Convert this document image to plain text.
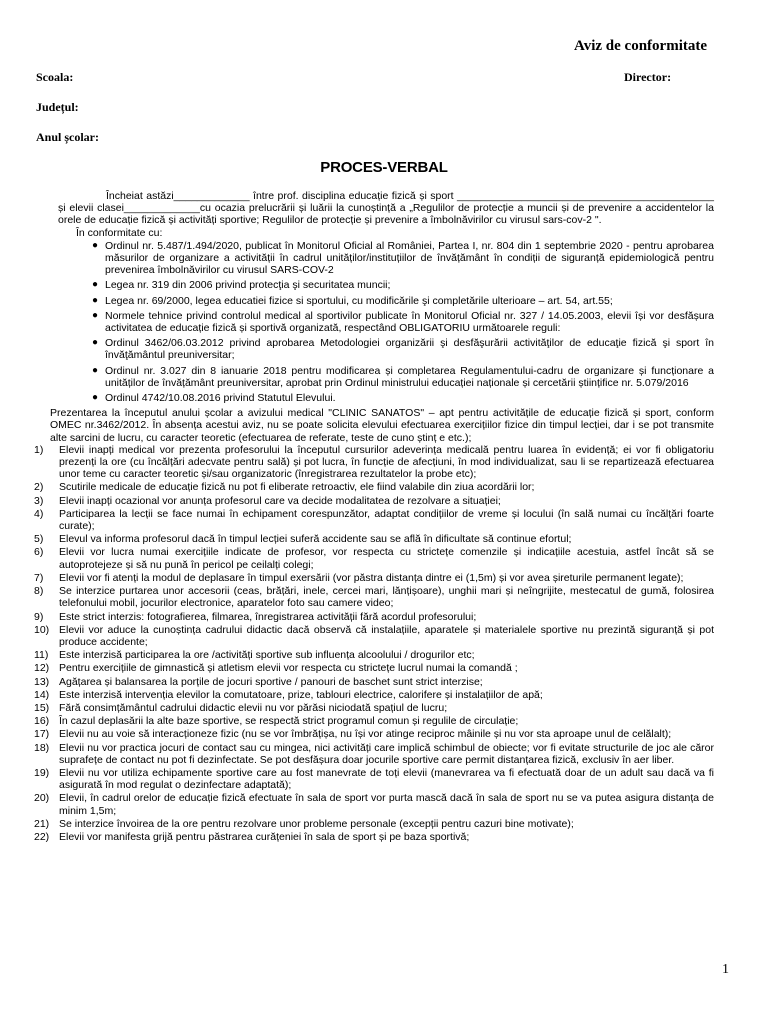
Aviz de conformitate
Scoala:	Director:
Județul:
Anul școlar:
PROCES-VERBAL

Încheiat astăzi_____________ între prof. disciplina educație fizică și sport ____________________________________________ și elevii clasei_____________cu ocazia prelucrării și luării la cunoștință a „Regulilor de protecție a muncii și de prevenire a accidentelor la orele de educație fizică și activități sportive; Regulilor de protecție și prevenire a îmbolnăvirilor cu virusul sars-cov-2 ".

În conformitate cu:

● Ordinul nr. 5.487/1.494/2020, publicat în Monitorul Oficial al României, Partea I, nr. 804 din 1 septembrie 2020 - pentru aprobarea măsurilor de organizare a activității în cadrul unităților/instituțiilor de învățământ în condiții de siguranță epidemiologică pentru prevenirea îmbolnăvirilor cu virusul SARS-COV-2
● Legea nr. 319 din 2006 privind protecţia şi securitatea muncii;
● Legea nr. 69/2000, legea educatiei fizice si sportului, cu modificările şi completările ulterioare – art. 54, art.55;
● Normele tehnice privind controlul medical al sportivilor publicate în Monitorul Oficial nr. 327 / 14.05.2003, elevii își vor desfășura activitatea de educație fizică și sportivă organizată, respectând OBLIGATORIU următoarele reguli:
● Ordinul 3462/06.03.2012 privind aprobarea Metodologiei organizării şi desfăşurării activităţilor de educaţie fizică şi sport în învăţământul preuniversitar;
● Ordinul nr. 3.027 din 8 ianuarie 2018 pentru modificarea și completarea Regulamentului-cadru de organizare și funcționare a unităților de învățământ preuniversitar, aprobat prin Ordinul ministrului educației naționale și cercetării științifice nr. 5.079/2016
● Ordinul 4742/10.08.2016 privind Statutul Elevului.

Prezentarea la începutul anului școlar a avizului medical "CLINIC SANATOS" – apt pentru activitățile de educație fizică și sport, conform OMEC nr.3462/2012. În absența acestui aviz, nu se poate solicita elevului efectuarea exercițiilor fizice din timpul lecției, dar i se pot transmite alte sarcini de lucru, cu caracter teoretic (efectuarea de referate, teste de cuno știnț e etc.);

1) Elevii inapți medical vor prezenta profesorului la începutul cursurilor adeverința medicală pentru luarea în evidență; ei vor fi obligatoriu prezenți la ore (cu încălțări adecvate pentru sală) și pot lucra, în funcție de afecțiuni, în mod individualizat, sau li se repartizează efectuarea unor teme cu caracter teoretic și/sau organizatoric (înregistrarea rezultatelor la probe etc);
2) Scutirile medicale de educație fizică nu pot fi eliberate retroactiv, ele fiind valabile din ziua acordării lor;
3) Elevii inapți ocazional vor anunța profesorul care va decide modalitatea de rezolvare a situației;
4) Participarea la lecții se face numai în echipament corespunzător, adaptat condițiilor de vreme și locului (în sală numai cu încălțări foarte curate);
5) Elevul va informa profesorul dacă în timpul lecției suferă accidente sau se află în dificultate să continue efortul;
6) Elevii vor lucra numai exercițiile indicate de profesor, vor respecta cu strictețe comenzile și indicațiile acestuia, astfel încât să se autoprotejeze și să nu pună în pericol pe ceilalți colegi;
7) Elevii vor fi atenți la modul de deplasare în timpul exersării (vor păstra distanța dintre ei (1,5m) și vor avea șireturile permanent legate);
8) Se interzice purtarea unor accesorii (ceas, brățări, inele, cercei mari, lănțișoare), unghii mari și neîngrijite, mestecatul de gumă, folosirea telefonului mobil, jocurilor electronice, aparatelor foto sau camere video;
9) Este strict interzis: fotografierea, filmarea, înregistrarea activității fără acordul profesorului;
10) Elevii vor aduce la cunoștința cadrului didactic dacă observă că instalațiile, aparatele și materialele sportive nu prezintă siguranță și pot produce accidente;
11) Este interzisă participarea la ore /activități sportive sub influența alcoolului / drogurilor etc;
12) Pentru exercițiile de gimnastică și atletism elevii vor respecta cu strictețe lucrul numai la comandă ;
13) Agățarea și balansarea la porțile de jocuri sportive / panouri de baschet sunt strict interzise;
14) Este interzisă intervenția elevilor la comutatoare, prize, tablouri electrice, calorifere și instalațiilor de apă;
15) Fără consimțământul cadrului didactic elevii nu vor părăsi niciodată spațiul de lucru;
16) În cazul deplasării la alte baze sportive, se respectă strict programul comun și regulile de circulație;
17) Elevii nu au voie să interacționeze fizic (nu se vor îmbrățișa, nu își vor atinge reciproc mâinile și nu vor sta aproape unul de celălalt);
18) Elevii nu vor practica jocuri de contact sau cu mingea, nici activități care implică schimbul de obiecte; vor fi evitate structurile de joc ale căror suprafețe de contact nu pot fi dezinfectate. Se pot desfășura doar jocurile sportive care permit distanțarea fizică, exclusiv în aer liber.
19) Elevii nu vor utiliza echipamente sportive care au fost manevrate de toți elevii (manevrarea va fi efectuată doar de un adult sau dacă va fi asigurată în mod regulat o dezinfectare adaptată);
20) Elevii, în cadrul orelor de educație fizică efectuate în sala de sport vor purta mască dacă în sala de sport nu se va putea asigura distanța de minim 1,5m;
21) Se interzice învoirea de la ore pentru rezolvare unor probleme personale (excepții pentru cazuri bine motivate);
22) Elevii vor manifesta grijă pentru păstrarea curățeniei în sala de sport și pe baza sportivă;
1
